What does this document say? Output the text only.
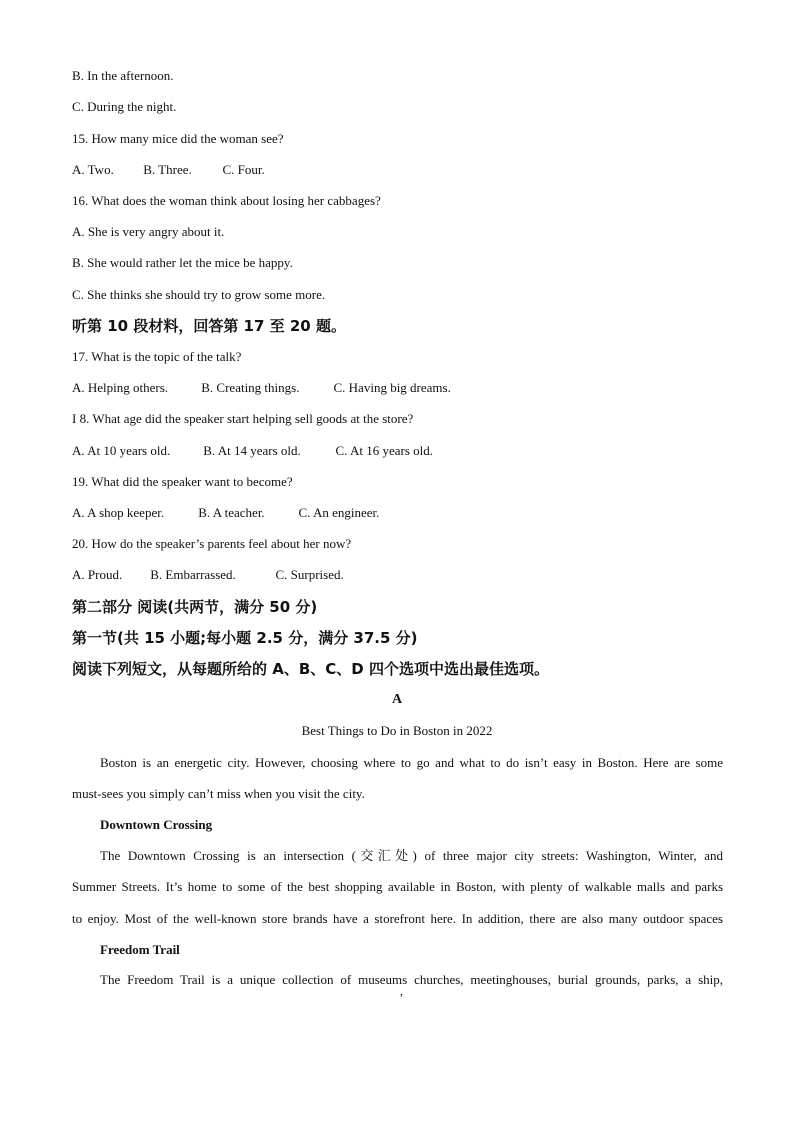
B. In the afternoon.
C. During the night.
15. How many mice did the woman see?
A. Two. B. Three. C. Four.
16. What does the woman think about losing her cabbages?
A. She is very angry about it.
B. She would rather let the mice be happy.
C. She thinks she should try to grow some more.
听第 10 段材料，回答第 17 至 20 题。
17. What is the topic of the talk?
A. Helping others.	B. Creating things.	C. Having big dreams.
I 8. What age did the speaker start helping sell goods at the store?
A. At 10 years old.	B. At 14 years old.	C. At 16 years old.
19. What did the speaker want to become?
A. A shop keeper.	B. A teacher.	C. An engineer.
20. How do the speaker’s parents feel about her now?
A. Proud. B. Embarrassed.	C. Surprised.
第二部分 阅读(共两节，满分 50 分)
第一节(共 15 小题;每小题 2.5 分，满分 37.5 分)
阅读下列短文，从每题所给的 A、B、C、D 四个选项中选出最佳选项。
A
Best Things to Do in Boston in 2022
Boston is an energetic city. However, choosing where to go and what to do isn’t easy in Boston. Here are some
must-sees you simply can’t miss when you visit the city.
Downtown Crossing
The Downtown Crossing is an intersection (交汇处) of three major city streets: Washington, Winter, and
Summer Streets. It’s home to some of the best shopping available in Boston, with plenty of walkable malls and parks
to enjoy. Most of the well-known store brands have a storefront here. In addition, there are also many outdoor spaces
Freedom Trail
The Freedom Trail is a unique collection of museums churches, meetinghouses, burial grounds, parks, a ship,
,
